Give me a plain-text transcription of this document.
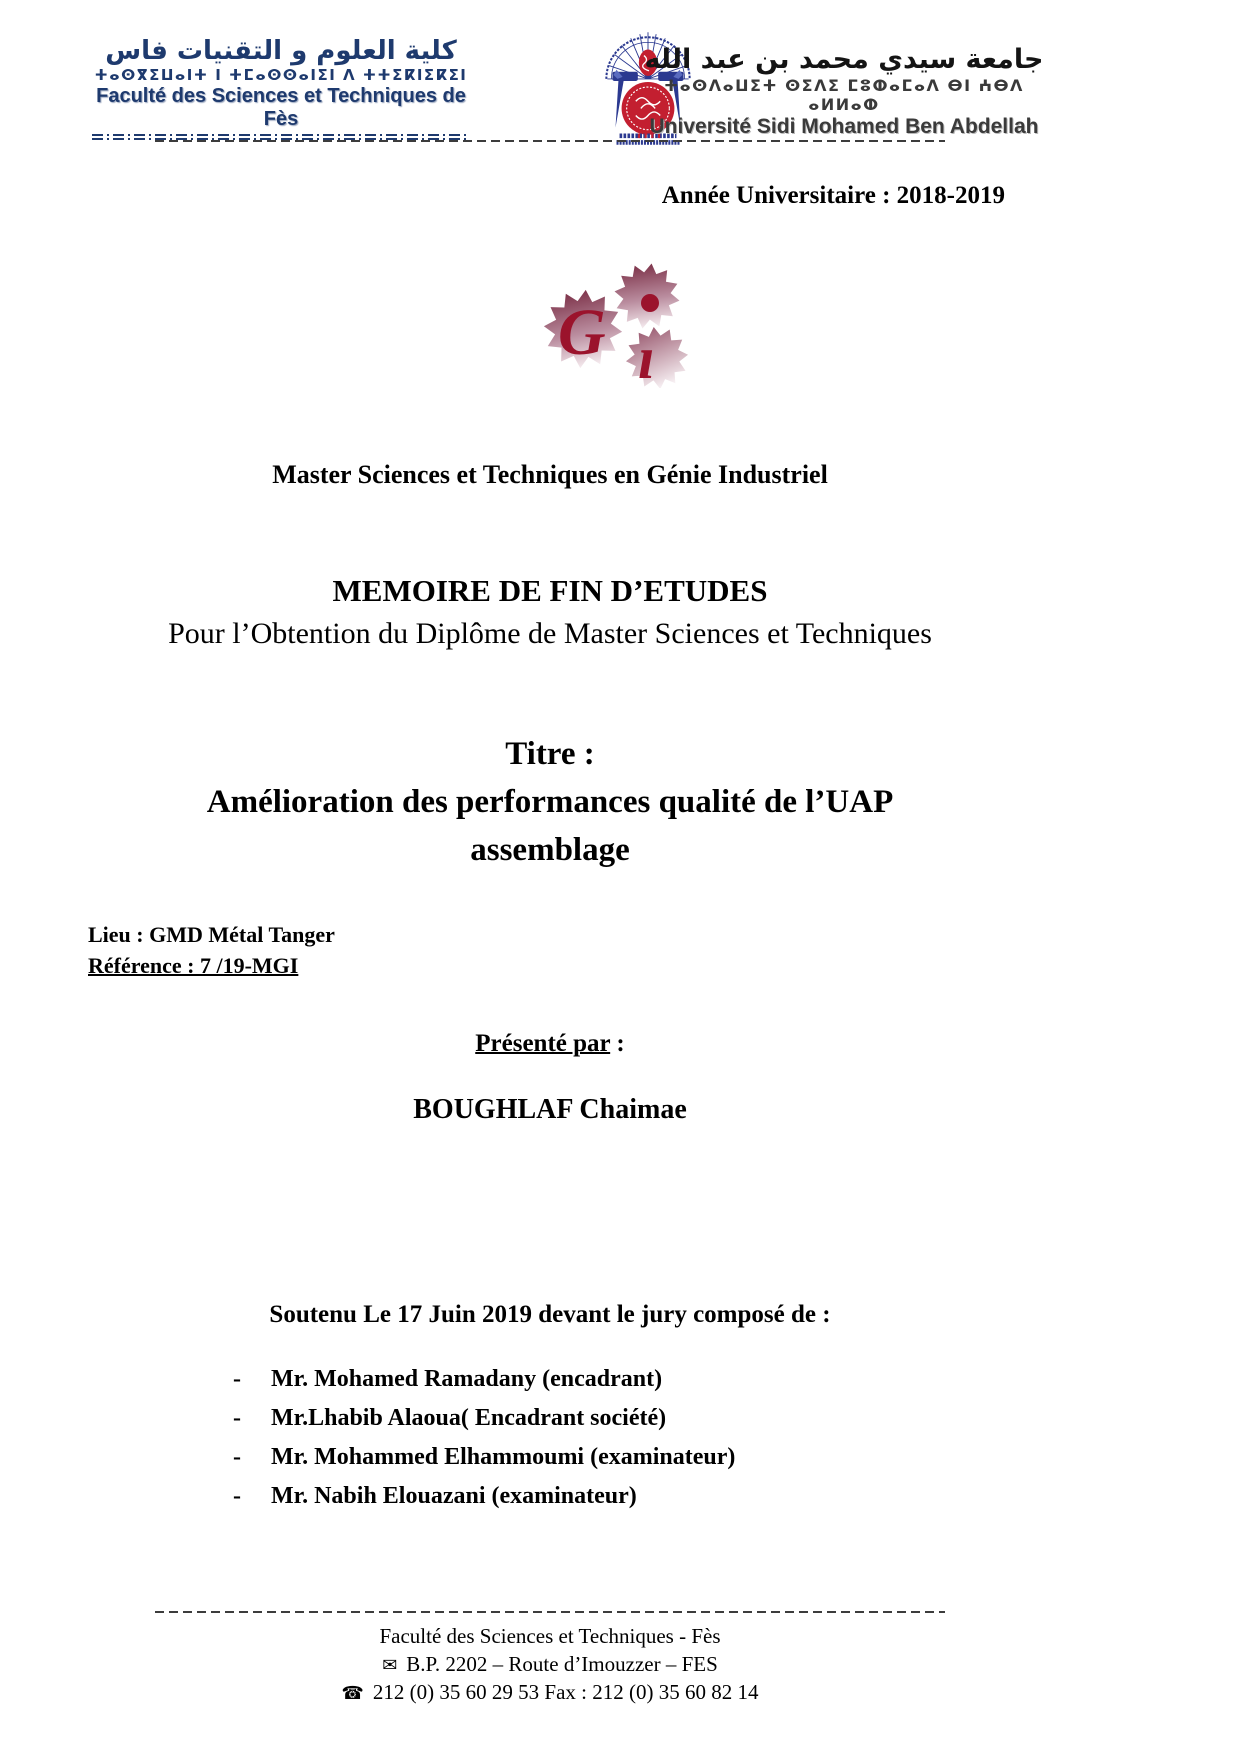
كلية العلوم و التقنيات فاس
ⵜⴰⵙⴳⵉⵡⴰⵏⵜ ⵏ ⵜⵎⴰⵙⵙⴰⵏⵉⵏ ⴷ ⵜⵜⵉⴽⵏⵉⴽⵉⵏ
Faculté des Sciences et Techniques de Fès
جامعة سيدي محمد بن عبد الله
ⵜⴰⵙⴷⴰⵡⵉⵜ ⵙⵉⴷⵉ ⵎⵓⵀⴰⵎⴰⴷ ⴱⵏ ⵄⴱⴷ ⴰⵍⵍⴰⵀ
Université Sidi Mohamed Ben Abdellah
Année Universitaire : 2018-2019
G ı
Master Sciences et Techniques en Génie Industriel
MEMOIRE DE FIN D’ETUDES
Pour l’Obtention du Diplôme de Master Sciences et Techniques
Titre :
Amélioration des performances qualité de l’UAP
assemblage
Lieu : GMD Métal Tanger
Référence : 7 /19-MGI
Présenté par :
BOUGHLAF Chaimae
Soutenu Le 17 Juin 2019 devant le jury composé de :
- Mr. Mohamed Ramadany (encadrant)
- Mr.Lhabib Alaoua( Encadrant société)
- Mr. Mohammed Elhammoumi (examinateur)
- Mr. Nabih Elouazani (examinateur)
Faculté des Sciences et Techniques - Fès
✉ B.P. 2202 – Route d’Imouzzer – FES
☎ 212 (0) 35 60 29 53 Fax : 212 (0) 35 60 82 14
